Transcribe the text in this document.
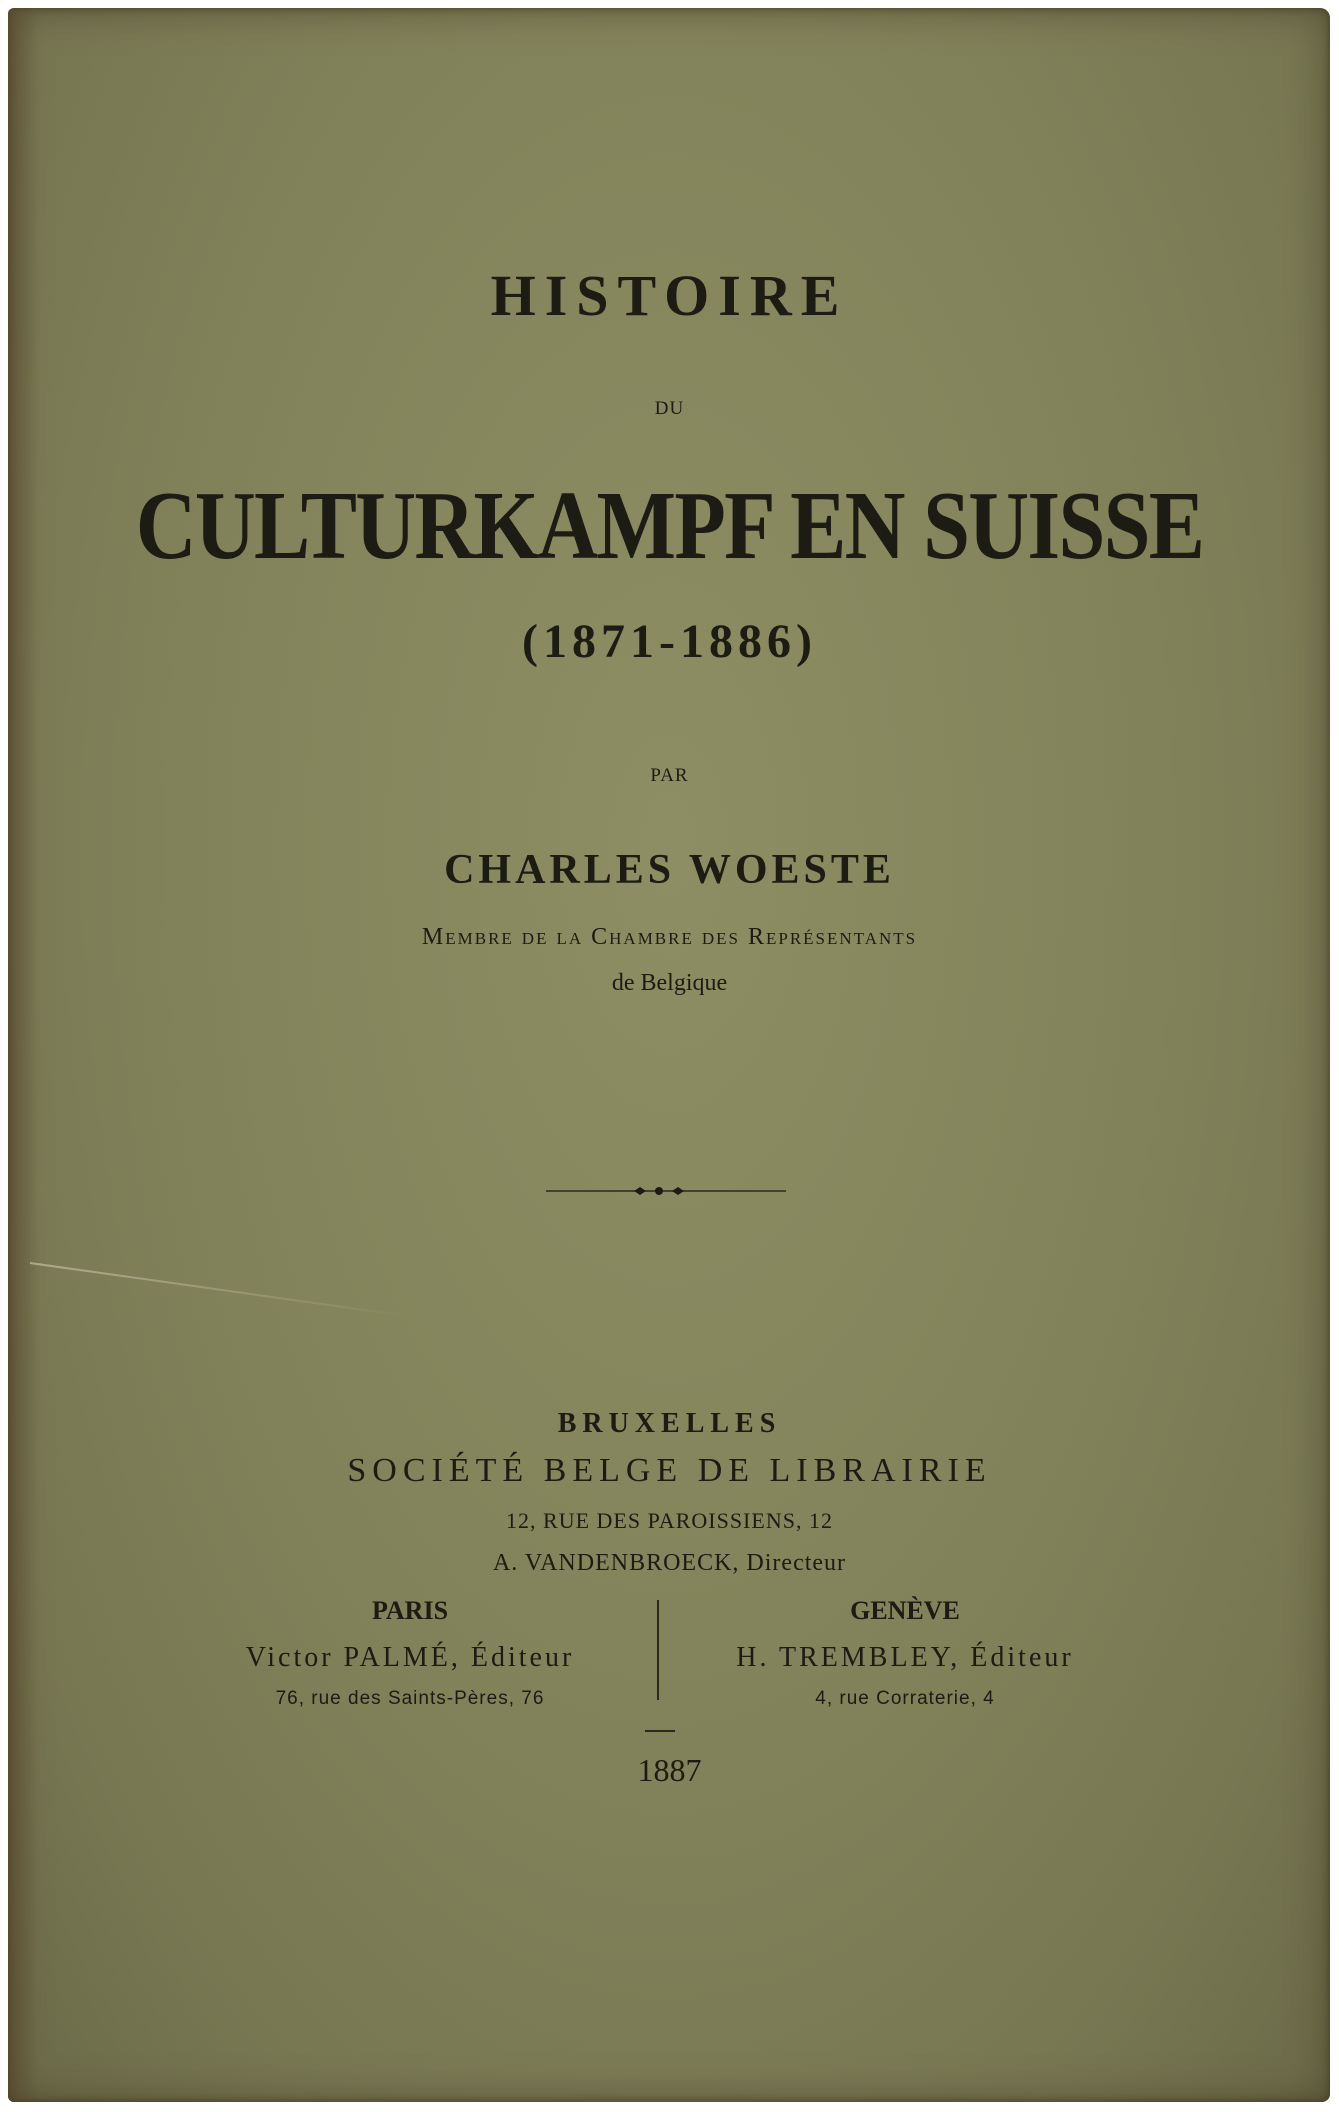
HISTOIRE
DU
CULTURKAMPF EN SUISSE
(1871-1886)
PAR
CHARLES WOESTE
Membre de la Chambre des Représentants
de Belgique
BRUXELLES
SOCIÉTÉ BELGE DE LIBRAIRIE
12, RUE DES PAROISSIENS, 12
A. VANDENBROECK, Directeur
PARIS
Victor PALMÉ, Éditeur
76, rue des Saints-Pères, 76
GENÈVE
H. TREMBLEY, Éditeur
4, rue Corraterie, 4
1887
